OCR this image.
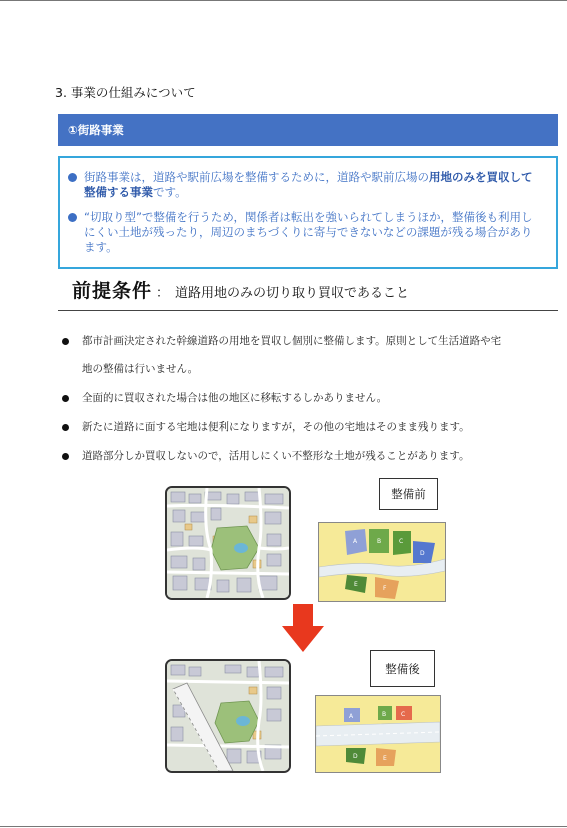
3. 事業の仕組みについて
①街路事業
街路事業は，道路や駅前広場を整備するために，道路や駅前広場の用地のみを買収して
整備する事業です。
“切取り型”で整備を行うため，関係者は転出を強いられてしまうほか，整備後も利用し
にくい土地が残ったり，周辺のまちづくりに寄与できないなどの課題が残る場合があり
ます。
前提条件 ： 道路用地のみの切り取り買収であること
都市計画決定された幹線道路の用地を買収し個別に整備します。原則として生活道路や宅
地の整備は行いません。
全面的に買収された場合は他の地区に移転するしかありません。
新たに道路に面する宅地は便利になりますが，その他の宅地はそのまま残ります。
道路部分しか買収しないので，活用しにくい不整形な土地が残ることがあります。
整備前
A	B	C
D
E
F
整備後
A	B C
D	E
